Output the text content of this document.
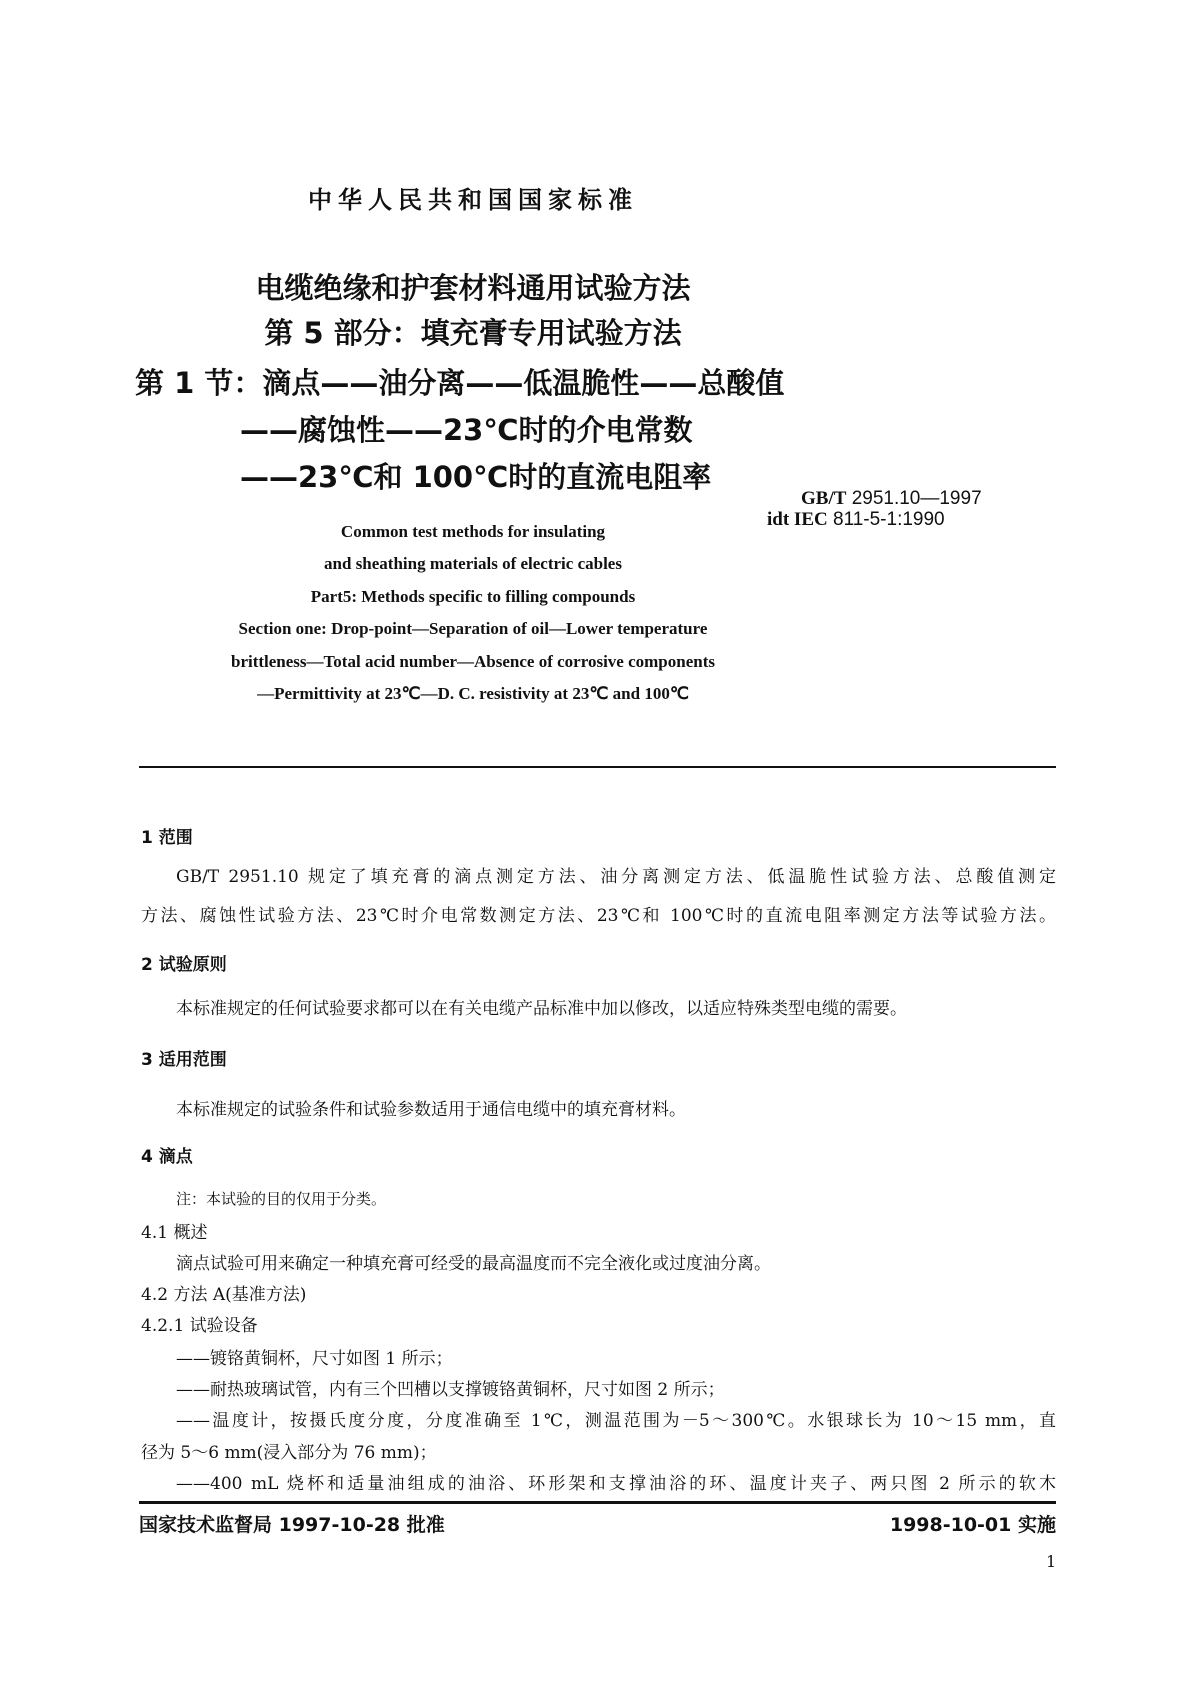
中华人民共和国国家标准
电缆绝缘和护套材料通用试验方法
第 5 部分：填充膏专用试验方法
第 1 节：滴点——油分离——低温脆性——总酸值
——腐蚀性——23℃时的介电常数
——23℃和 100℃时的直流电阻率
GB/T 2951.10—1997
idt IEC 811-5-1:1990
Common test methods for insulating
and sheathing materials of electric cables
Part5: Methods specific to filling compounds
Section one: Drop-point—Separation of oil—Lower temperature
brittleness—Total acid number—Absence of corrosive components
—Permittivity at 23℃—D. C. resistivity at 23℃ and 100℃
1 范围
GB/T 2951.10 规定了填充膏的滴点测定方法、油分离测定方法、低温脆性试验方法、总酸值测定
方法、腐蚀性试验方法、23℃时介电常数测定方法、23℃和 100℃时的直流电阻率测定方法等试验方法。
2 试验原则
本标准规定的任何试验要求都可以在有关电缆产品标准中加以修改，以适应特殊类型电缆的需要。
3 适用范围
本标准规定的试验条件和试验参数适用于通信电缆中的填充膏材料。
4 滴点
注：本试验的目的仅用于分类。
4.1 概述
滴点试验可用来确定一种填充膏可经受的最高温度而不完全液化或过度油分离。
4.2 方法 A(基准方法)
4.2.1 试验设备
——镀铬黄铜杯，尺寸如图 1 所示；
——耐热玻璃试管，内有三个凹槽以支撑镀铬黄铜杯，尺寸如图 2 所示；
——温度计，按摄氏度分度，分度准确至 1℃，测温范围为－5～300℃。水银球长为 10～15 mm，直
径为 5～6 mm(浸入部分为 76 mm)；
——400 mL 烧杯和适量油组成的油浴、环形架和支撑油浴的环、温度计夹子、两只图 2 所示的软木
国家技术监督局 1997-10-28 批准	1998-10-01 实施
1
